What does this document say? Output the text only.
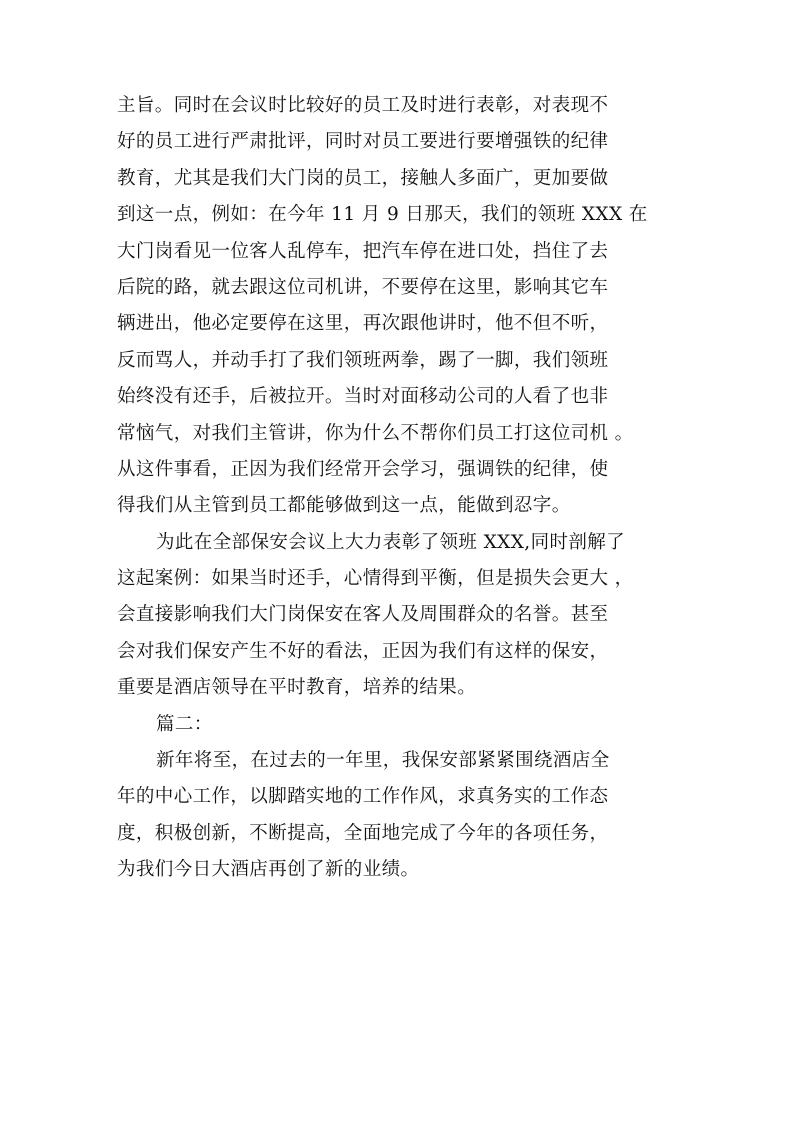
主旨。同时在会议时比较好的员工及时进行表彰，对表现不
好的员工进行严肃批评，同时对员工要进行要增强铁的纪律
教育，尤其是我们大门岗的员工，接触人多面广，更加要做
到这一点，例如：在今年 11 月 9 日那天，我们的领班 XXX 在
大门岗看见一位客人乱停车，把汽车停在进口处，挡住了去
后院的路，就去跟这位司机讲，不要停在这里，影响其它车
辆进出，他必定要停在这里，再次跟他讲时，他不但不听，
反而骂人，并动手打了我们领班两拳，踢了一脚，我们领班
始终没有还手，后被拉开。当时对面移动公司的人看了也非
常恼气，对我们主管讲，你为什么不帮你们员工打这位司机 。
从这件事看，正因为我们经常开会学习，强调铁的纪律，使
得我们从主管到员工都能够做到这一点，能做到忍字。
为此在全部保安会议上大力表彰了领班 XXX,同时剖解了
这起案例：如果当时还手，心情得到平衡，但是损失会更大 ，
会直接影响我们大门岗保安在客人及周围群众的名誉。甚至
会对我们保安产生不好的看法，正因为我们有这样的保安，
重要是酒店领导在平时教育，培养的结果。
篇二：
新年将至，在过去的一年里，我保安部紧紧围绕酒店全
年的中心工作，以脚踏实地的工作作风，求真务实的工作态
度，积极创新，不断提高，全面地完成了今年的各项任务，
为我们今日大酒店再创了新的业绩。
